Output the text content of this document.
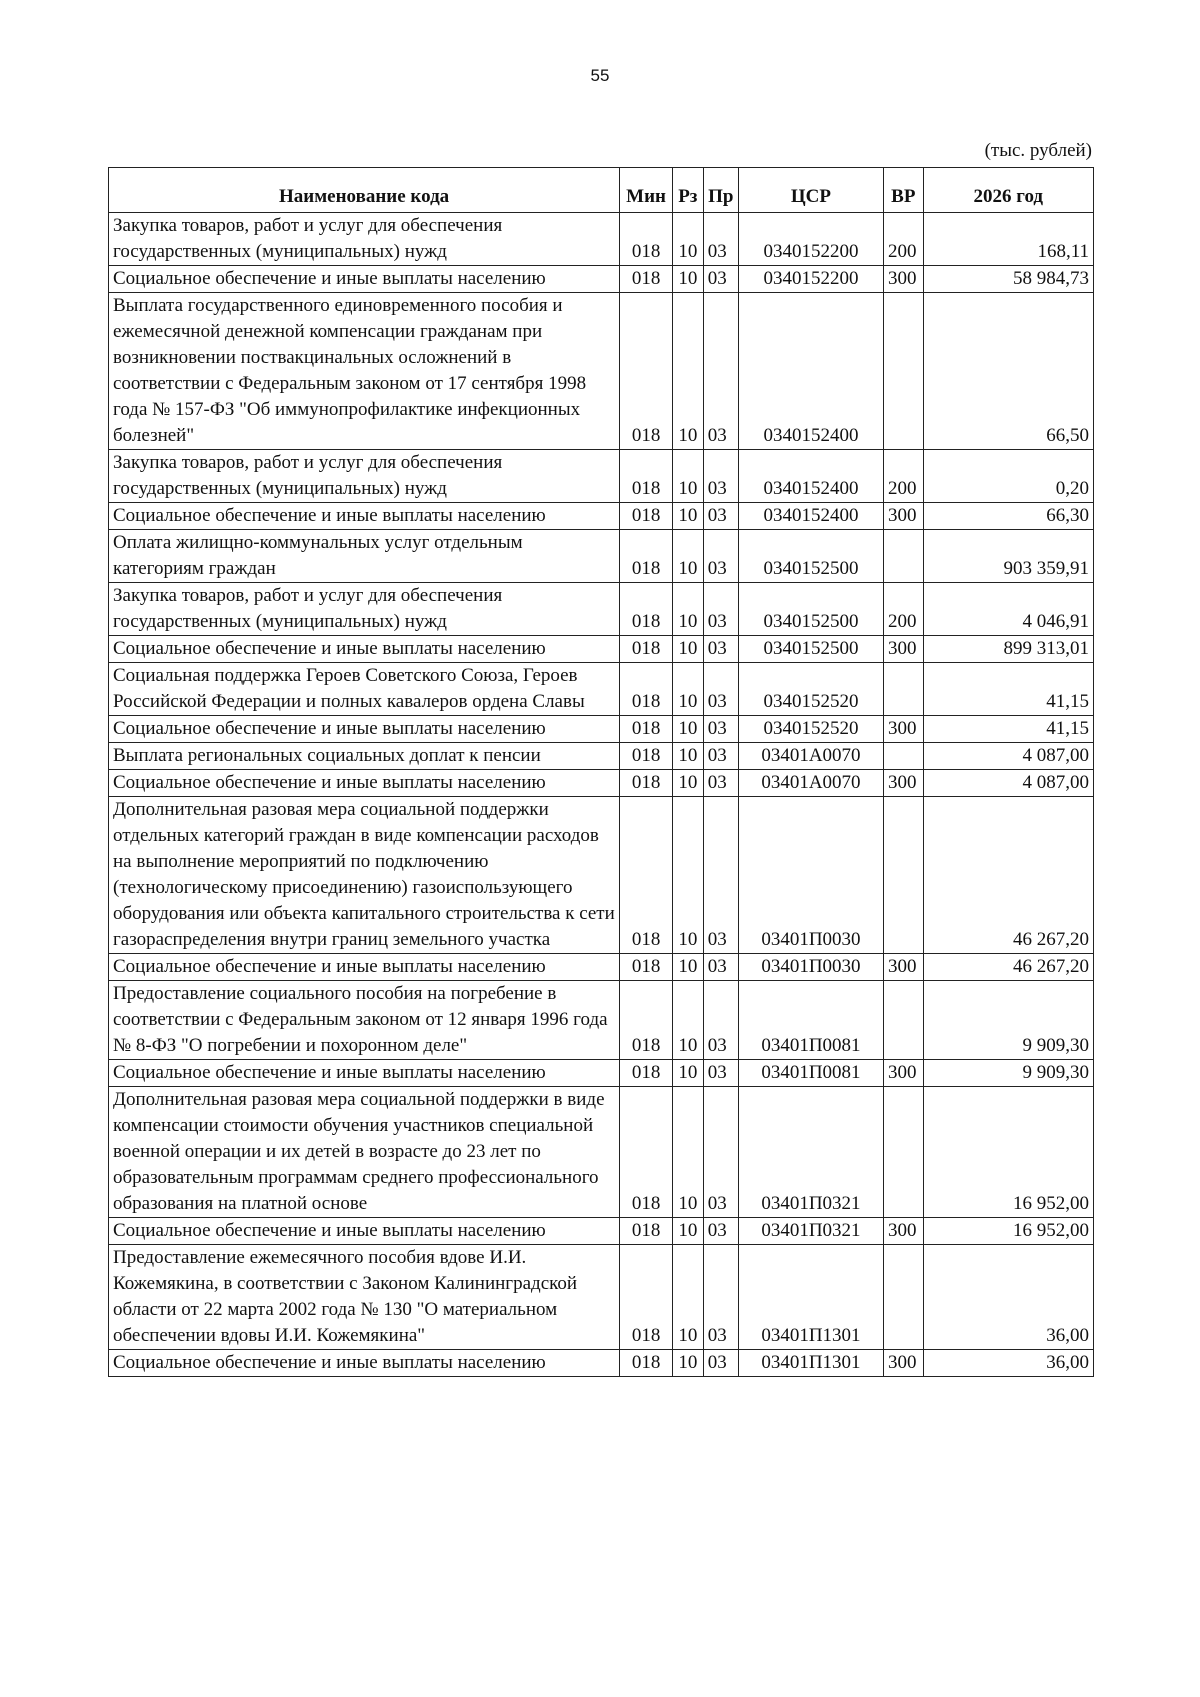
55
(тыс. рублей)
Наименование кода	Мин	Рз	Пр	ЦСР	ВР	2026 год
Закупка товаров, работ и услуг для обеспечения государственных (муниципальных) нужд	018	10	03	0340152200	200	168,11
Социальное обеспечение и иные выплаты населению	018	10	03	0340152200	300	58 984,73
Выплата государственного единовременного пособия и ежемесячной денежной компенсации гражданам при возникновении поствакцинальных осложнений в соответствии с Федеральным законом от 17 сентября 1998 года № 157-ФЗ "Об иммунопрофилактике инфекционных болезней"	018	10	03	0340152400		66,50
Закупка товаров, работ и услуг для обеспечения государственных (муниципальных) нужд	018	10	03	0340152400	200	0,20
Социальное обеспечение и иные выплаты населению	018	10	03	0340152400	300	66,30
Оплата жилищно-коммунальных услуг отдельным категориям граждан	018	10	03	0340152500		903 359,91
Закупка товаров, работ и услуг для обеспечения государственных (муниципальных) нужд	018	10	03	0340152500	200	4 046,91
Социальное обеспечение и иные выплаты населению	018	10	03	0340152500	300	899 313,01
Социальная поддержка Героев Советского Союза, Героев Российской Федерации и полных кавалеров ордена Славы	018	10	03	0340152520		41,15
Социальное обеспечение и иные выплаты населению	018	10	03	0340152520	300	41,15
Выплата региональных социальных доплат к пенсии	018	10	03	03401А0070		4 087,00
Социальное обеспечение и иные выплаты населению	018	10	03	03401А0070	300	4 087,00
Дополнительная разовая мера социальной поддержки отдельных категорий граждан в виде компенсации расходов на выполнение мероприятий по подключению (технологическому присоединению) газоиспользующего оборудования или объекта капитального строительства к сети газораспределения внутри границ земельного участка	018	10	03	03401П0030		46 267,20
Социальное обеспечение и иные выплаты населению	018	10	03	03401П0030	300	46 267,20
Предоставление социального пособия на погребение в соответствии с Федеральным законом от 12 января 1996 года № 8-ФЗ "О погребении и похоронном деле"	018	10	03	03401П0081		9 909,30
Социальное обеспечение и иные выплаты населению	018	10	03	03401П0081	300	9 909,30
Дополнительная разовая мера социальной поддержки в виде компенсации стоимости обучения участников специальной военной операции и их детей в возрасте до 23 лет по образовательным программам среднего профессионального образования на платной основе	018	10	03	03401П0321		16 952,00
Социальное обеспечение и иные выплаты населению	018	10	03	03401П0321	300	16 952,00
Предоставление ежемесячного пособия вдове И.И. Кожемякина, в соответствии с Законом Калининградской области от 22 марта 2002 года № 130 "О материальном обеспечении вдовы И.И. Кожемякина"	018	10	03	03401П1301		36,00
Социальное обеспечение и иные выплаты населению	018	10	03	03401П1301	300	36,00
